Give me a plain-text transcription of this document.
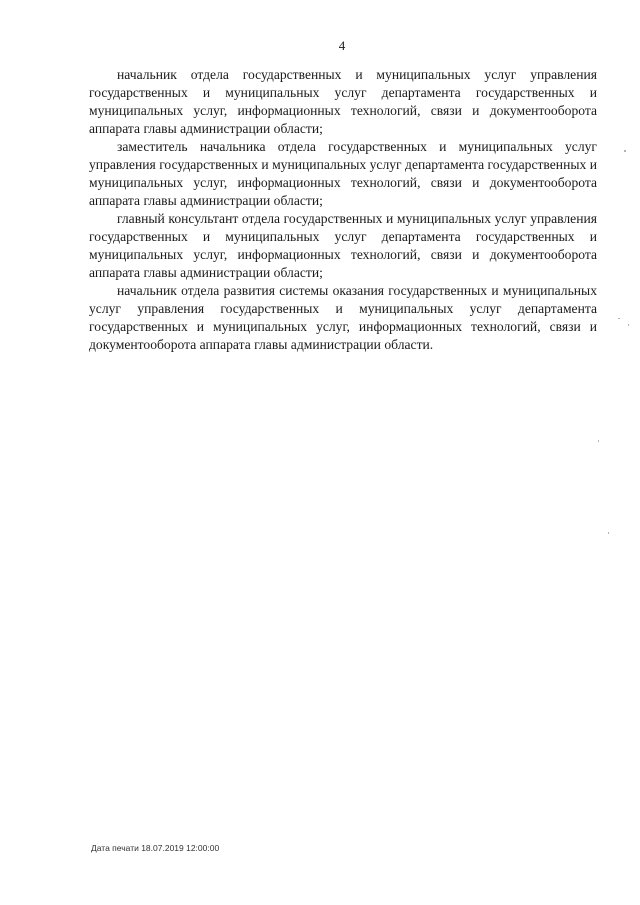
4

начальник отдела государственных и муниципальных услуг управления государственных и муниципальных услуг департамента государственных и муниципальных услуг, информационных технологий, связи и документооборота аппарата главы администрации области;

заместитель начальника отдела государственных и муниципальных услуг управления государственных и муниципальных услуг департамента государственных и муниципальных услуг, информационных технологий, связи и документооборота аппарата главы администрации области;

главный консультант отдела государственных и муниципальных услуг управления государственных и муниципальных услуг департамента государственных и муниципальных услуг, информационных технологий, связи и документооборота аппарата главы администрации области;

начальник отдела развития системы оказания государственных и муниципальных услуг управления государственных и муниципальных услуг департамента государственных и муниципальных услуг, информационных технологий, связи и документооборота аппарата главы администрации области.

Дата печати 18.07.2019 12:00:00
